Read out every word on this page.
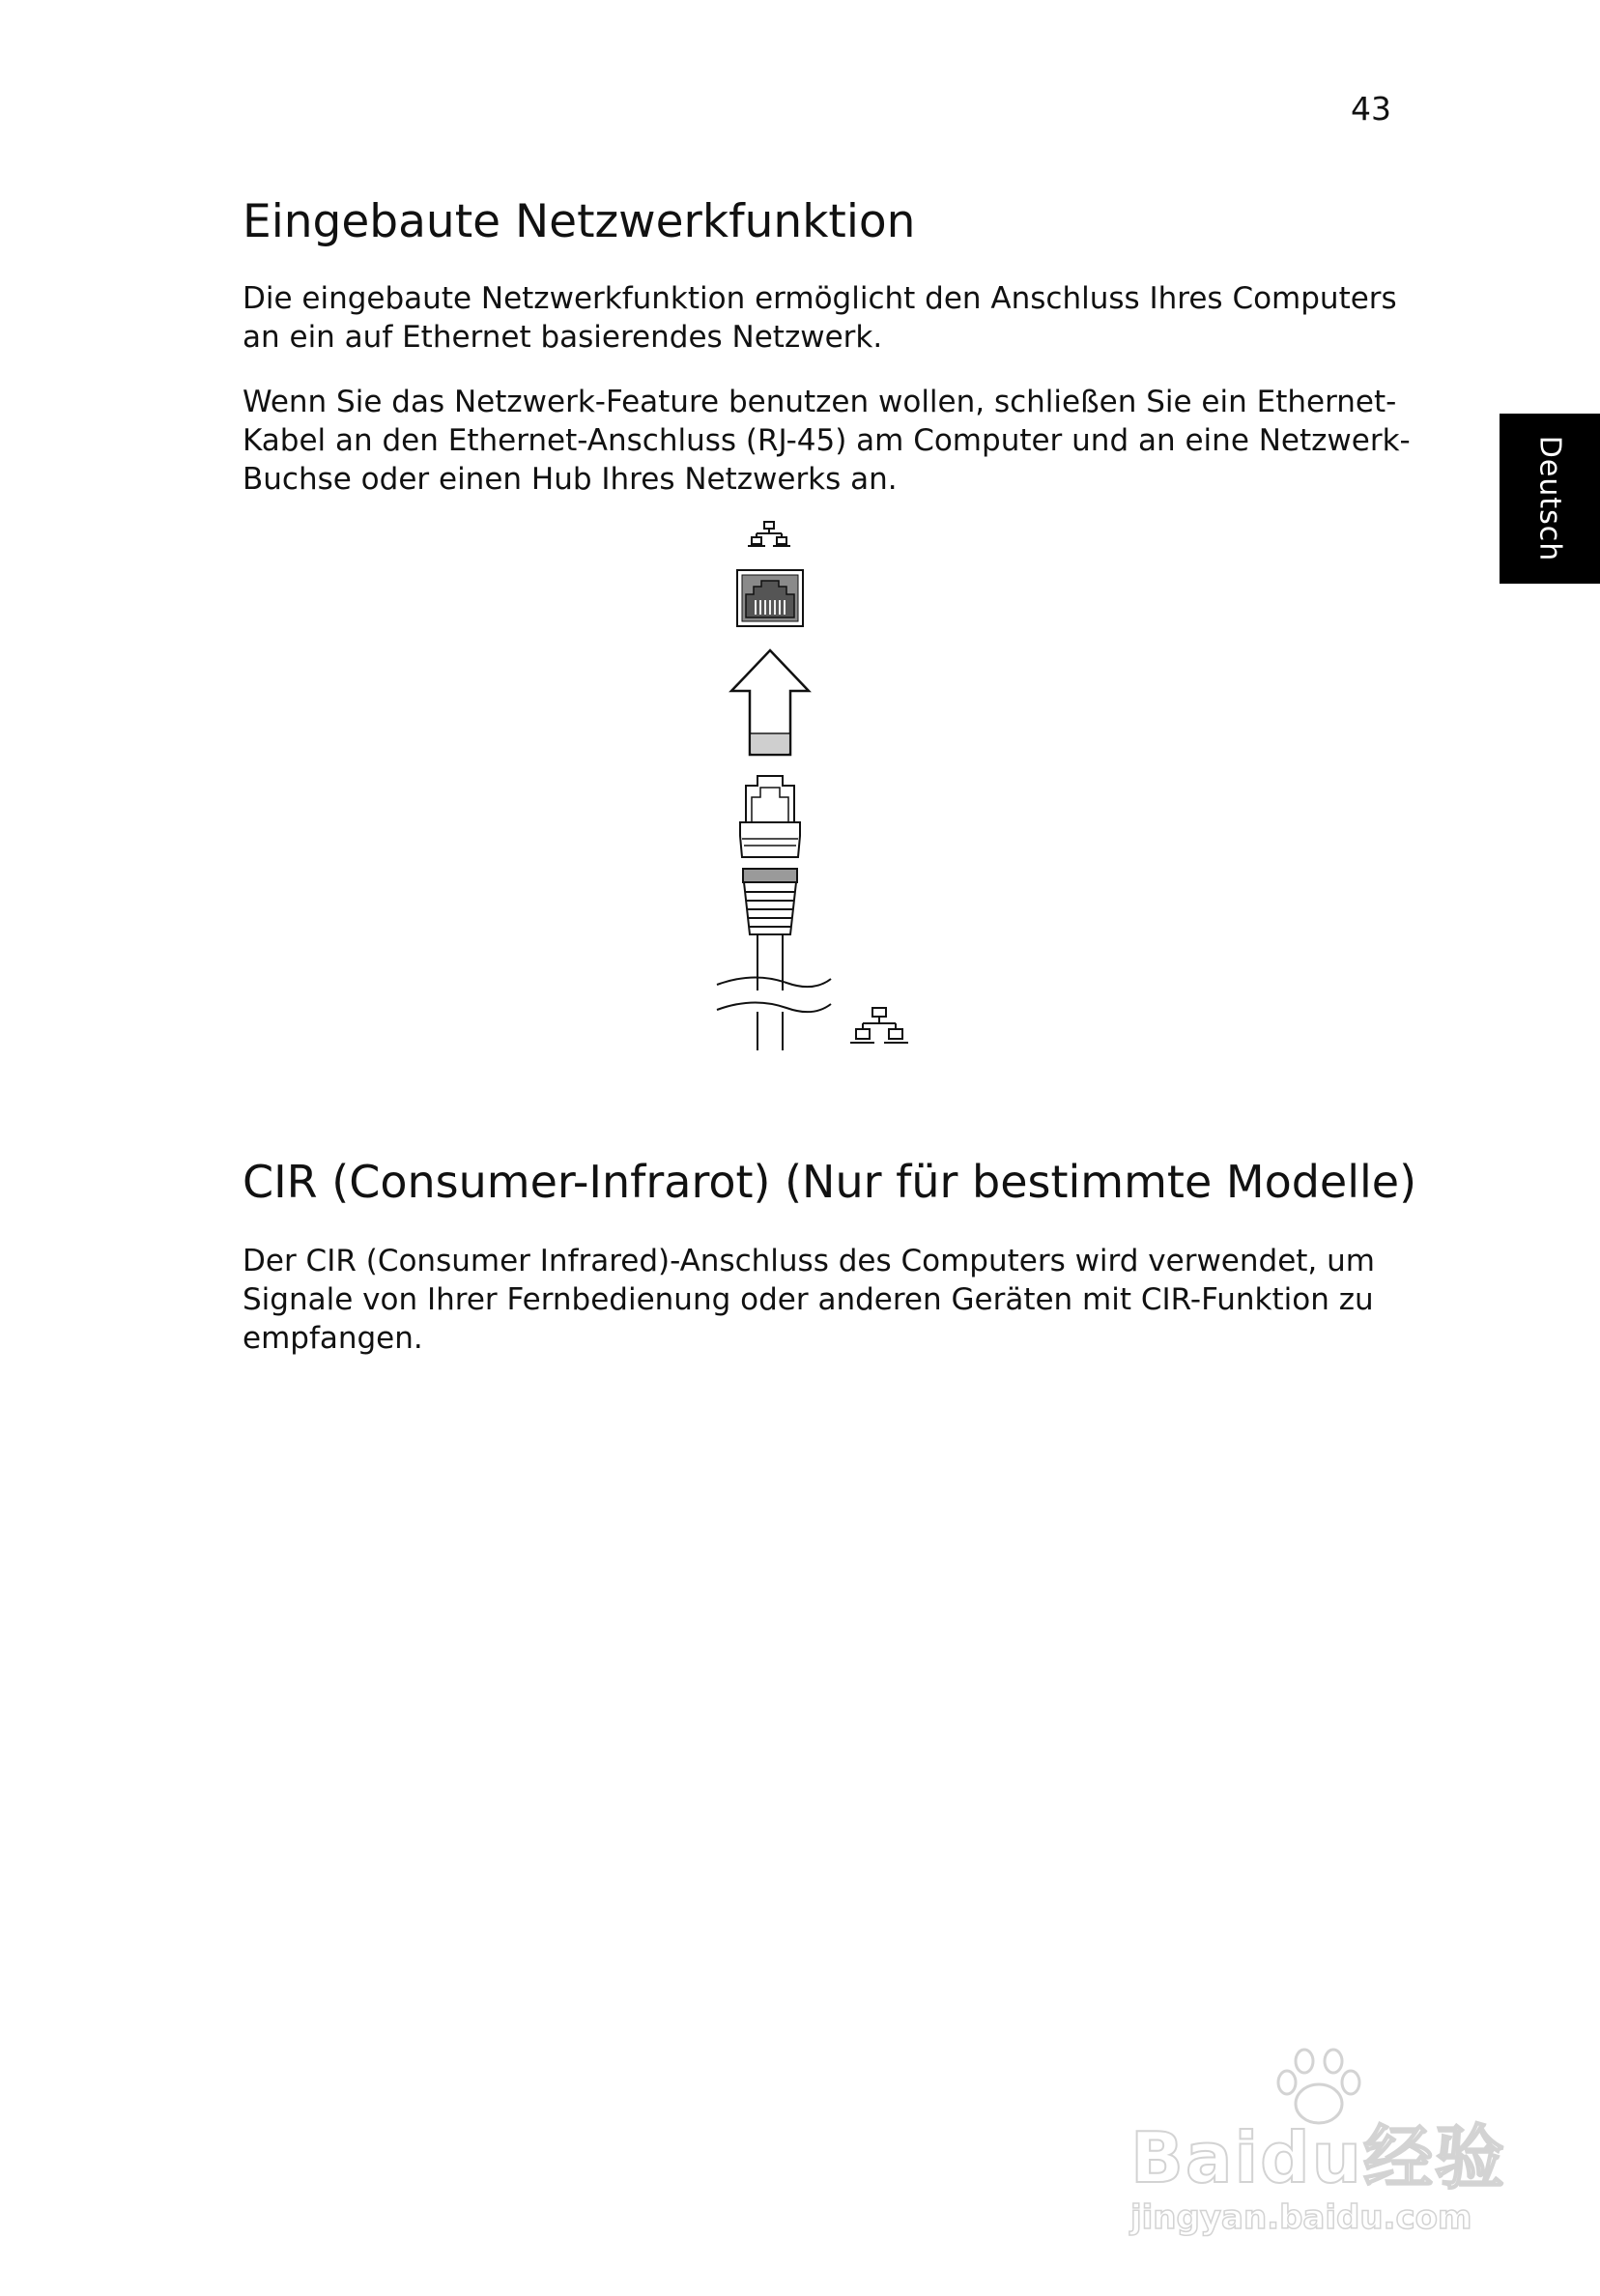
43
Deutsch
Eingebaute Netzwerkfunktion

Die eingebaute Netzwerkfunktion ermöglicht den Anschluss Ihres Computers
an ein auf Ethernet basierendes Netzwerk.

Wenn Sie das Netzwerk-Feature benutzen wollen, schließen Sie ein Ethernet-
Kabel an den Ethernet-Anschluss (RJ-45) am Computer und an eine Netzwerk-
Buchse oder einen Hub Ihres Netzwerks an.

CIR (Consumer-Infrarot) (Nur für bestimmte Modelle)

Der CIR (Consumer Infrared)-Anschluss des Computers wird verwendet, um
Signale von Ihrer Fernbedienung oder anderen Geräten mit CIR-Funktion zu
empfangen.

Baidu经验
jingyan.baidu.com
